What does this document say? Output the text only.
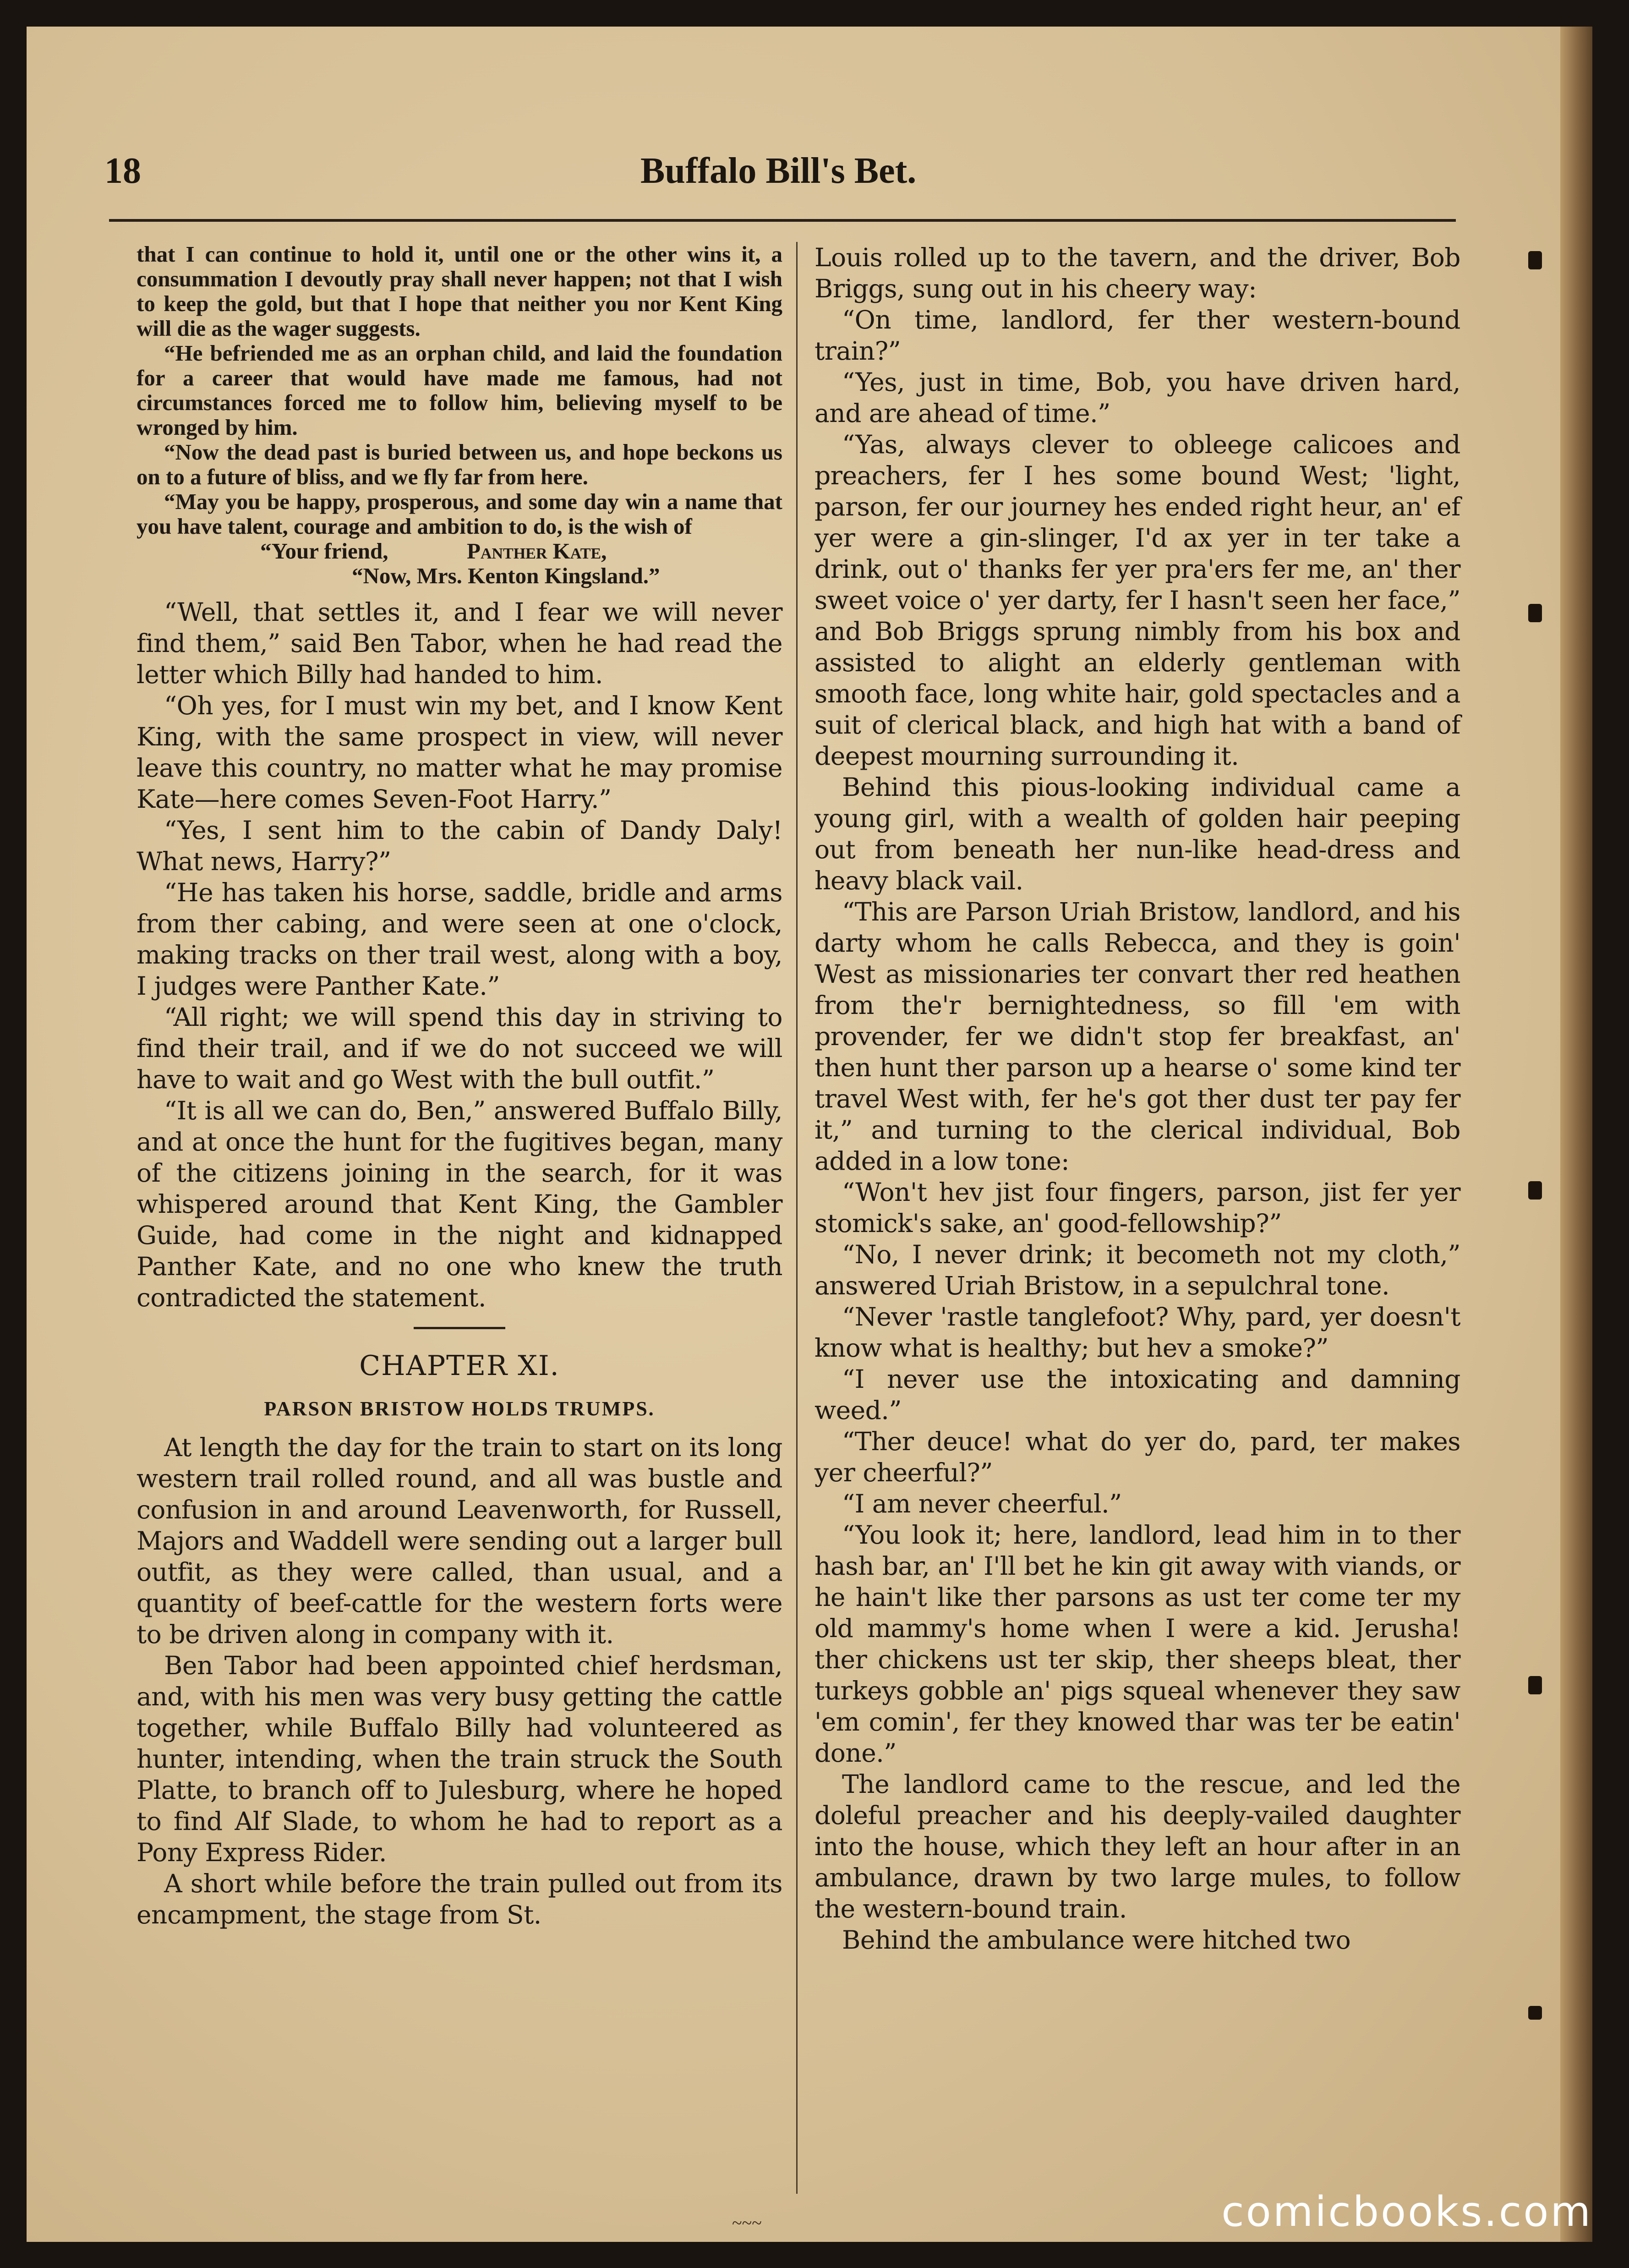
18	Buffalo Bill's Bet.

that I can continue to hold it, until one or the other wins it, a consummation I devoutly pray shall never happen; not that I wish to keep the gold, but that I hope that neither you nor Kent King will die as the wager suggests.

“He befriended me as an orphan child, and laid the foundation for a career that would have made me famous, had not circumstances forced me to follow him, believing myself to be wronged by him.

“Now the dead past is buried between us, and hope beckons us on to a future of bliss, and we fly far from here.

“May you be happy, prosperous, and some day win a name that you have talent, courage and ambition to do, is the wish of

“Your friend,	Panther Kate,

“Now, Mrs. Kenton Kingsland.”

“Well, that settles it, and I fear we will never find them,” said Ben Tabor, when he had read the letter which Billy had handed to him.

“Oh yes, for I must win my bet, and I know Kent King, with the same prospect in view, will never leave this country, no matter what he may promise Kate—here comes Seven-Foot Harry.”

“Yes, I sent him to the cabin of Dandy Daly! What news, Harry?”

“He has taken his horse, saddle, bridle and arms from ther cabing, and were seen at one o'clock, making tracks on ther trail west, along with a boy, I judges were Panther Kate.”

“All right; we will spend this day in striving to find their trail, and if we do not succeed we will have to wait and go West with the bull outfit.”

“It is all we can do, Ben,” answered Buffalo Billy, and at once the hunt for the fugitives began, many of the citizens joining in the search, for it was whispered around that Kent King, the Gambler Guide, had come in the night and kidnapped Panther Kate, and no one who knew the truth contradicted the statement.

CHAPTER XI.
PARSON BRISTOW HOLDS TRUMPS.

At length the day for the train to start on its long western trail rolled round, and all was bustle and confusion in and around Leavenworth, for Russell, Majors and Waddell were sending out a larger bull outfit, as they were called, than usual, and a quantity of beef-cattle for the western forts were to be driven along in company with it.

Ben Tabor had been appointed chief herdsman, and, with his men was very busy getting the cattle together, while Buffalo Billy had volunteered as hunter, intending, when the train struck the South Platte, to branch off to Julesburg, where he hoped to find Alf Slade, to whom he had to report as a Pony Express Rider.

A short while before the train pulled out from its encampment, the stage from St.

Louis rolled up to the tavern, and the driver, Bob Briggs, sung out in his cheery way:

“On time, landlord, fer ther western-bound train?”

“Yes, just in time, Bob, you have driven hard, and are ahead of time.”

“Yas, always clever to obleege calicoes and preachers, fer I hes some bound West; 'light, parson, fer our journey hes ended right heur, an' ef yer were a gin-slinger, I'd ax yer in ter take a drink, out o' thanks fer yer pra'ers fer me, an' ther sweet voice o' yer darty, fer I hasn't seen her face,” and Bob Briggs sprung nimbly from his box and assisted to alight an elderly gentleman with smooth face, long white hair, gold spectacles and a suit of clerical black, and high hat with a band of deepest mourning surrounding it.

Behind this pious-looking individual came a young girl, with a wealth of golden hair peeping out from beneath her nun-like head-dress and heavy black vail.

“This are Parson Uriah Bristow, landlord, and his darty whom he calls Rebecca, and they is goin' West as missionaries ter convart ther red heathen from the'r bernightedness, so fill 'em with provender, fer we didn't stop fer breakfast, an' then hunt ther parson up a hearse o' some kind ter travel West with, fer he's got ther dust ter pay fer it,” and turning to the clerical individual, Bob added in a low tone:

“Won't hev jist four fingers, parson, jist fer yer stomick's sake, an' good-fellowship?”

“No, I never drink; it becometh not my cloth,” answered Uriah Bristow, in a sepulchral tone.

“Never 'rastle tanglefoot? Why, pard, yer doesn't know what is healthy; but hev a smoke?”

“I never use the intoxicating and damning weed.”

“Ther deuce! what do yer do, pard, ter makes yer cheerful?”

“I am never cheerful.”

“You look it; here, landlord, lead him in to ther hash bar, an' I'll bet he kin git away with viands, or he hain't like ther parsons as ust ter come ter my old mammy's home when I were a kid. Jerusha! ther chickens ust ter skip, ther sheeps bleat, ther turkeys gobble an' pigs squeal whenever they saw 'em comin', fer they knowed thar was ter be eatin' done.”

The landlord came to the rescue, and led the doleful preacher and his deeply-vailed daughter into the house, which they left an hour after in an ambulance, drawn by two large mules, to follow the western-bound train.

Behind the ambulance were hitched two

~~~	comicbooks.com
